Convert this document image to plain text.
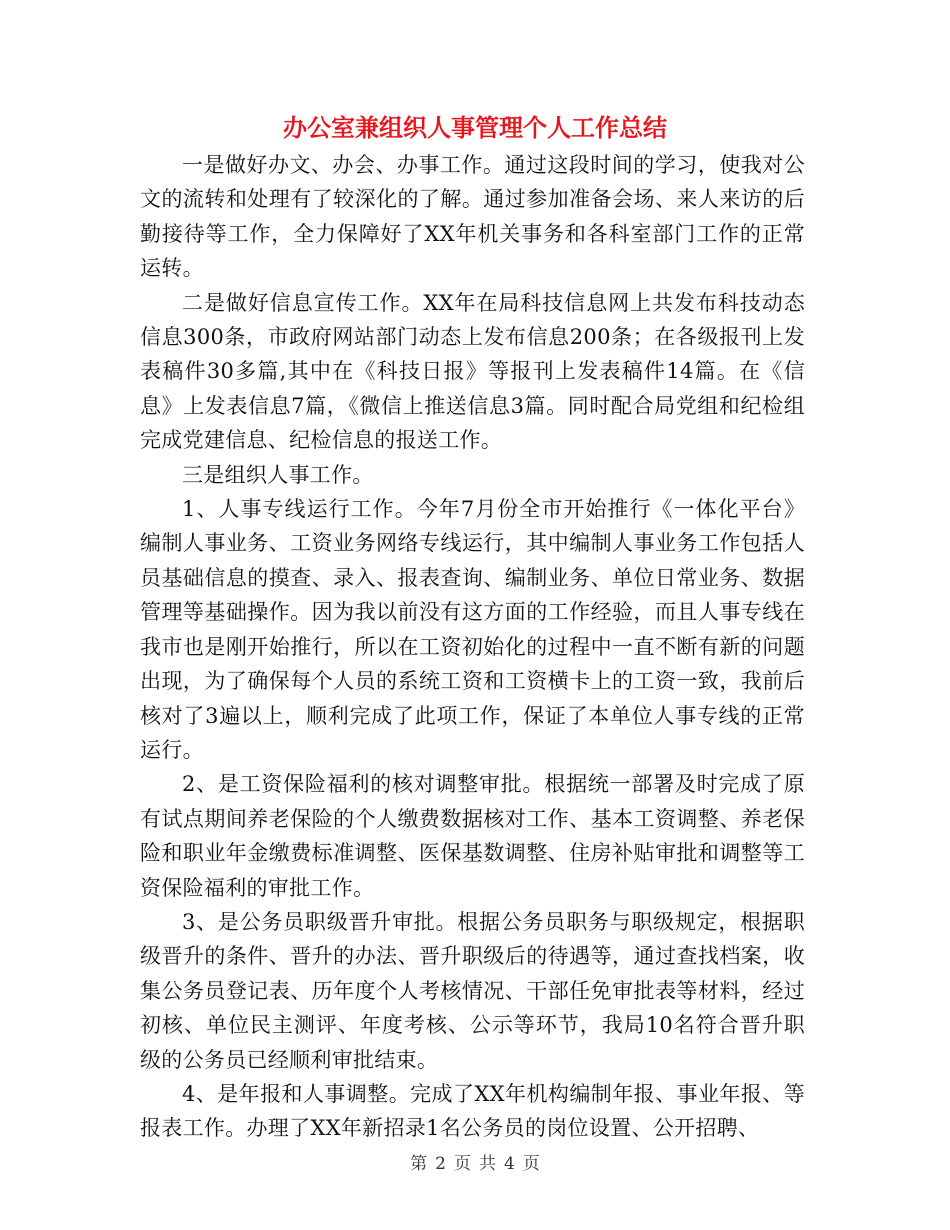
办公室兼组织人事管理个人工作总结

一是做好办文、办会、办事工作。通过这段时间的学习，使我对公文的流转和处理有了较深化的了解。通过参加准备会场、来人来访的后勤接待等工作，全力保障好了XX年机关事务和各科室部门工作的正常运转。

二是做好信息宣传工作。XX年在局科技信息网上共发布科技动态信息300条，市政府网站部门动态上发布信息200条；在各级报刊上发表稿件30多篇,其中在《科技日报》等报刊上发表稿件14篇。在《信息》上发表信息7篇，《微信上推送信息3篇。同时配合局党组和纪检组完成党建信息、纪检信息的报送工作。

三是组织人事工作。

1、人事专线运行工作。今年7月份全市开始推行《一体化平台》编制人事业务、工资业务网络专线运行，其中编制人事业务工作包括人员基础信息的摸查、录入、报表查询、编制业务、单位日常业务、数据管理等基础操作。因为我以前没有这方面的工作经验，而且人事专线在我市也是刚开始推行，所以在工资初始化的过程中一直不断有新的问题出现，为了确保每个人员的系统工资和工资横卡上的工资一致，我前后核对了3遍以上，顺利完成了此项工作，保证了本单位人事专线的正常运行。

2、是工资保险福利的核对调整审批。根据统一部署及时完成了原有试点期间养老保险的个人缴费数据核对工作、基本工资调整、养老保险和职业年金缴费标准调整、医保基数调整、住房补贴审批和调整等工资保险福利的审批工作。

3、是公务员职级晋升审批。根据公务员职务与职级规定，根据职级晋升的条件、晋升的办法、晋升职级后的待遇等，通过查找档案，收集公务员登记表、历年度个人考核情况、干部任免审批表等材料，经过初核、单位民主测评、年度考核、公示等环节，我局10名符合晋升职级的公务员已经顺利审批结束。

4、是年报和人事调整。完成了XX年机构编制年报、事业年报、等报表工作。办理了XX年新招录1名公务员的岗位设置、公开招聘、

第 2 页 共 4 页
